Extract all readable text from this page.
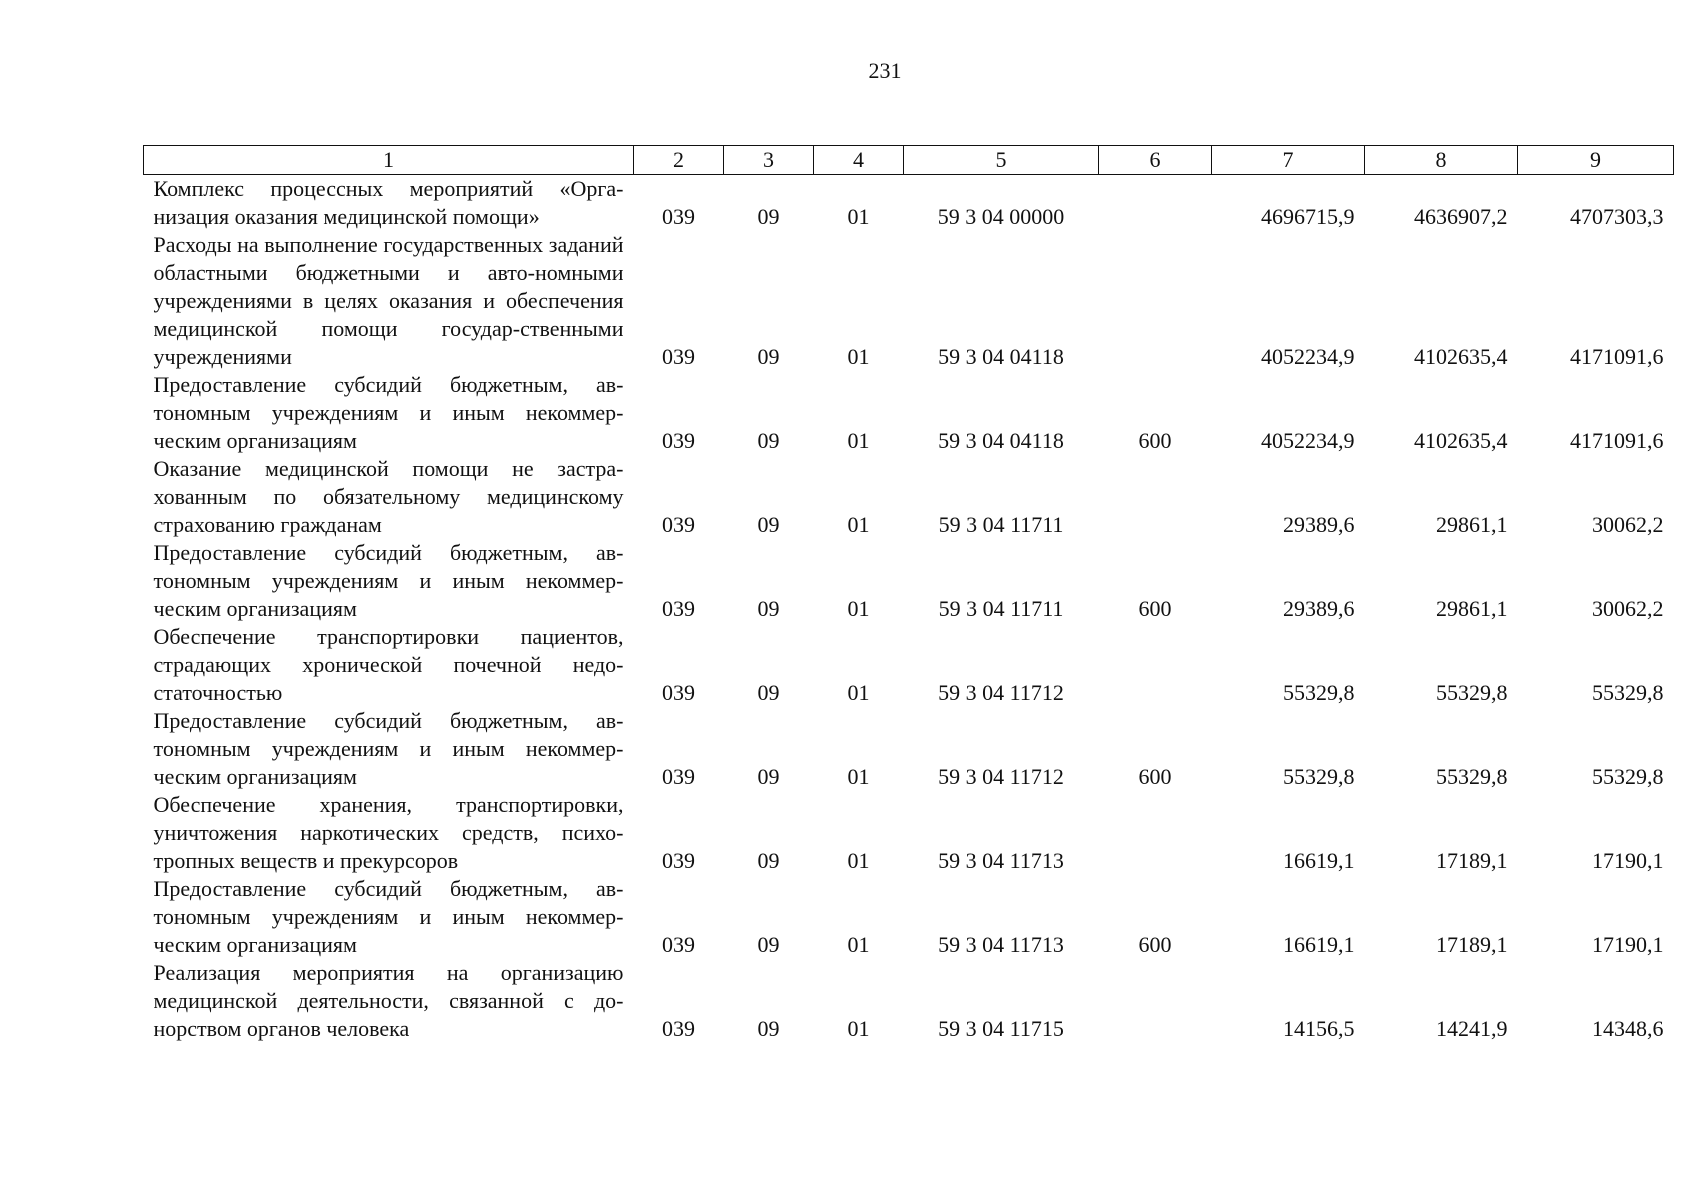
231
1	2	3	4	5	6	7	8	9
Комплекс процессных мероприятий «Орга- низация оказания медицинской помощи»	039	09	01	59 3 04 00000		4696715,9	4636907,2	4707303,3
Расходы на выполнение государственных заданий областными бюджетными и авто-номными учреждениями в целях оказания и обеспечения медицинской помощи государ-ственными учреждениями	039	09	01	59 3 04 04118		4052234,9	4102635,4	4171091,6
Предоставление субсидий бюджетным, ав-тономным учреждениям и иным некоммер-ческим организациям	039	09	01	59 3 04 04118	600	4052234,9	4102635,4	4171091,6
Оказание медицинской помощи не застра-хованным по обязательному медицинскому страхованию гражданам	039	09	01	59 3 04 11711		29389,6	29861,1	30062,2
Предоставление субсидий бюджетным, ав-тономным учреждениям и иным некоммер-ческим организациям	039	09	01	59 3 04 11711	600	29389,6	29861,1	30062,2
Обеспечение транспортировки пациентов, страдающих хронической почечной недо-статочностью	039	09	01	59 3 04 11712		55329,8	55329,8	55329,8
Предоставление субсидий бюджетным, ав-тономным учреждениям и иным некоммер-ческим организациям	039	09	01	59 3 04 11712	600	55329,8	55329,8	55329,8
Обеспечение хранения, транспортировки, уничтожения наркотических средств, психо-тропных веществ и прекурсоров	039	09	01	59 3 04 11713		16619,1	17189,1	17190,1
Предоставление субсидий бюджетным, ав-тономным учреждениям и иным некоммер-ческим организациям	039	09	01	59 3 04 11713	600	16619,1	17189,1	17190,1
Реализация мероприятия на организацию медицинской деятельности, связанной с до-норством органов человека	039	09	01	59 3 04 11715		14156,5	14241,9	14348,6
